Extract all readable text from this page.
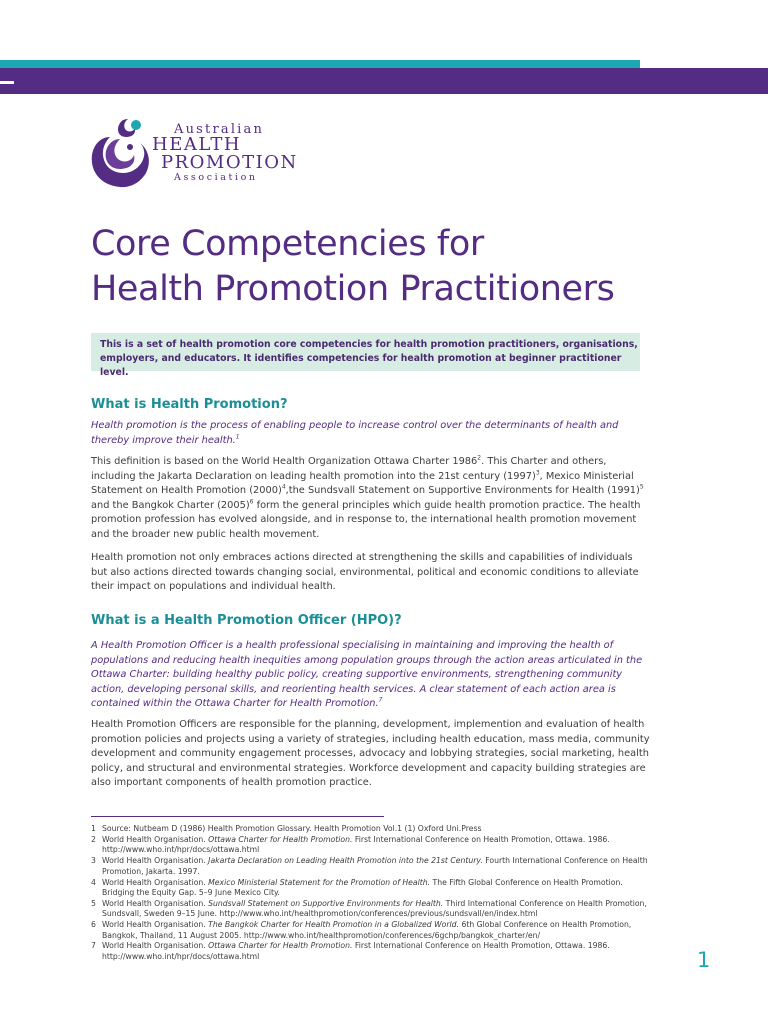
Australian
HEALTH
PROMOTION
Association
Core Competencies for
Health Promotion Practitioners
This is a set of health promotion core competencies for health promotion practitioners, organisations, employers, and educators. It identifies competencies for health promotion at beginner practitioner level.
What is Health Promotion?

Health promotion is the process of enabling people to increase control over the determinants of health and thereby improve their health.$^1$

This definition is based on the World Health Organization Ottawa Charter 1986$^2$. This Charter and others, including the Jakarta Declaration on leading health promotion into the 21st century $(1997)^3$, Mexico Ministerial Statement on Health Promotion $(2000)^4,the$ Sundsvall Statement on Supportive Environments for Health $(1991)^5$ and the Bangkok Charter $(2005)^6$ form the general principles which guide health promotion practice. The health promotion profession has evolved alongside, and in response to, the international health promotion movement and the broader new public health movement.

Health promotion not only embraces actions directed at strengthening the skills and capabilities of individuals but also actions directed towards changing social, environmental, political and economic conditions to alleviate their impact on populations and individual health.

What is a Health Promotion Officer (HPO)?

A Health Promotion Officer is a health professional specialising in maintaining and improving the health of populations and reducing health inequities among population groups through the action areas articulated in the Ottawa Charter: building healthy public policy, creating supportive environments, strengthening community action, developing personal skills, and reorienting health services. A clear statement of each action area is contained within the Ottawa Charter for Health Promotion.$^7$

Health Promotion Officers are responsible for the planning, development, implemention and evaluation of health promotion policies and projects using a variety of strategies, including health education, mass media, community development and community engagement processes, advocacy and lobbying strategies, social marketing, health policy, and structural and environmental strategies. Workforce development and capacity building strategies are also important components of health promotion practice.

1 Source: Nutbeam D (1986) Health Promotion Glossary. Health Promotion Vol.1 (1) Oxford Uni.Press
2 World Health Organisation. Ottawa Charter for Health Promotion. First International Conference on Health Promotion, Ottawa. 1986. http://www.who.int/hpr/docs/ottawa.html
3 World Health Organisation. Jakarta Declaration on Leading Health Promotion into the 21st Century. Fourth International Conference on Health Promotion, Jakarta. 1997.
4 World Health Organisation. Mexico Ministerial Statement for the Promotion of Health. The Fifth Global Conference on Health Promotion. Bridging the Equity Gap. 5–9 June Mexico City.
5 World Health Organisation. Sundsvall Statement on Supportive Environments for Health. Third International Conference on Health Promotion, Sundsvall, Sweden 9–15 June. http://www.who.int/healthpromotion/conferences/previous/sundsvall/en/index.html
6 World Health Organisation. The Bangkok Charter for Health Promotion in a Globalized World. 6th Global Conference on Health Promotion, Bangkok, Thailand, 11 August 2005. http://www.who.int/healthpromotion/conferences/6gchp/bangkok_charter/en/
7 World Health Organisation. Ottawa Charter for Health Promotion. First International Conference on Health Promotion, Ottawa. 1986. http://www.who.int/hpr/docs/ottawa.html	1
